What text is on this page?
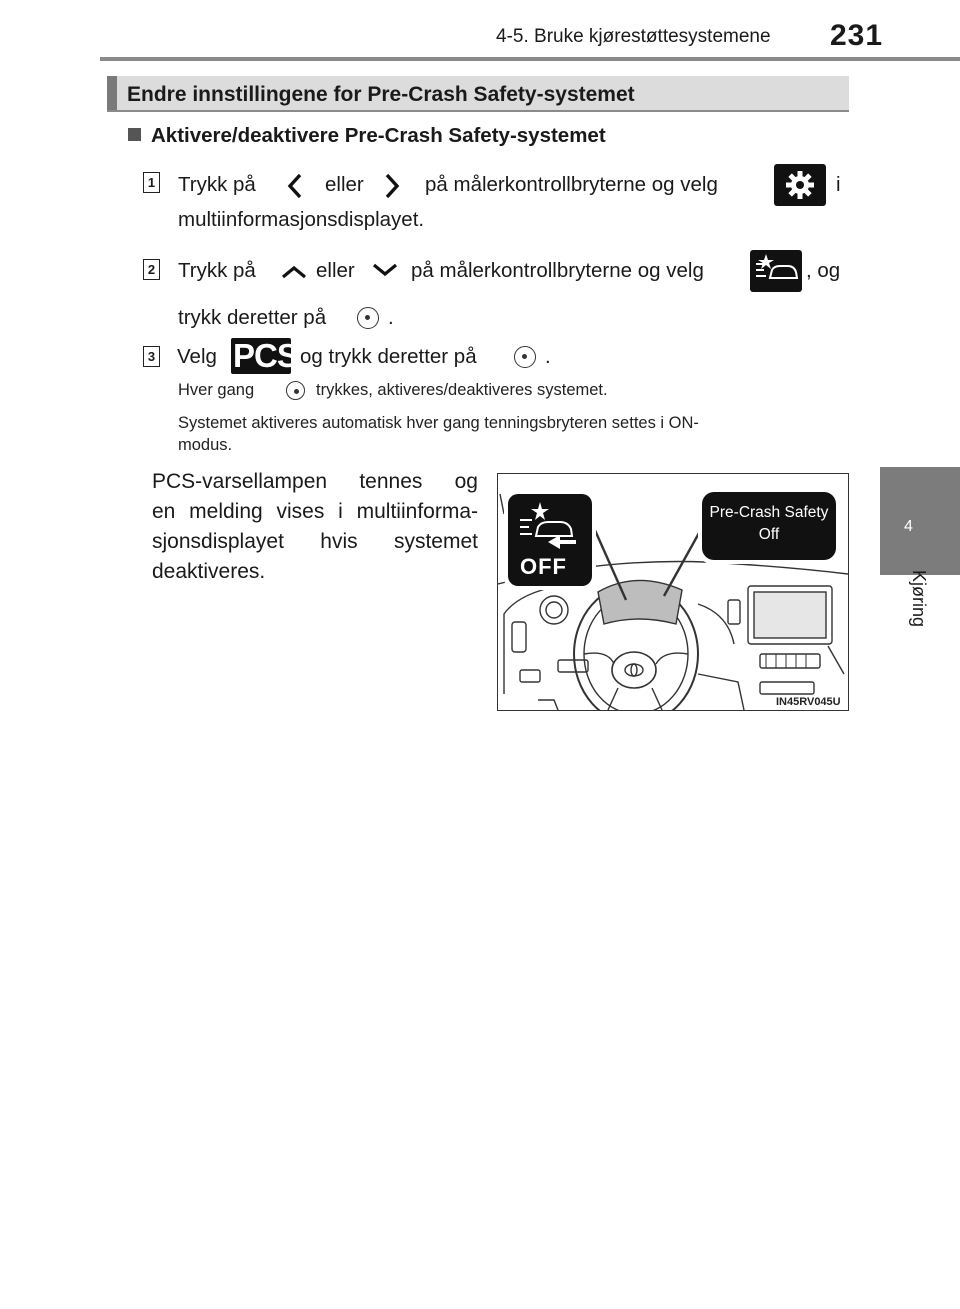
4-5. Bruke kjørestøttesystemene 231
4
Kjøring
Endre innstillingene for Pre-Crash Safety-systemet
Aktivere/deaktivere Pre-Crash Safety-systemet
1 Trykk på	eller	på målerkontrollbryterne og velg	i
multiinformasjonsdisplayet.
2 Trykk på	eller	på målerkontrollbryterne og velg	, og
trykk deretter på	.
3 Velg PCS og trykk deretter på	.
Hver gang	trykkes, aktiveres/deaktiveres systemet.
Systemet aktiveres automatisk hver gang tenningsbryteren settes i ON-
modus.
PCS-varsellampen tennes og
en melding vises i multiinforma-
sjonsdisplayet hvis systemet
deaktiveres.	OFF
Pre-Crash Safety
Off
IN45RV045U
